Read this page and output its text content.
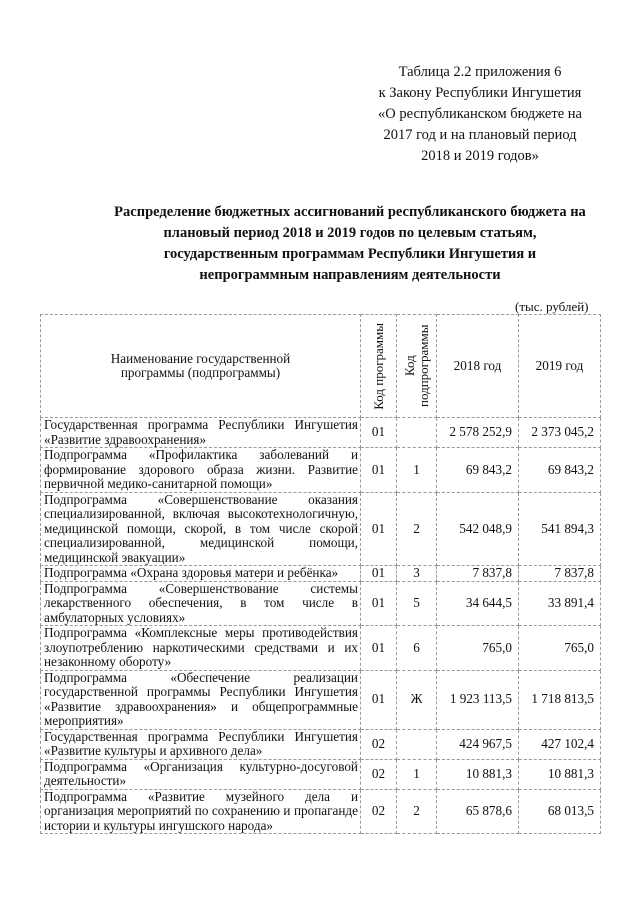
Таблица 2.2 приложения 6
к Закону Республики Ингушетия
«О республиканском бюджете на
2017 год и на плановый период
2018 и 2019 годов»
Распределение бюджетных ассигнований республиканского бюджета на
плановый период 2018 и 2019 годов по целевым статьям,
государственным программам Республики Ингушетия и
непрограммным направлениям деятельности
(тыс. рублей)
Наименование государственной программы (подпрограммы)	Код программы	Код подпрограммы	2018 год	2019 год
Государственная программа Республики Ингушетия «Развитие здравоохранения»	01		2 578 252,9	2 373 045,2
Подпрограмма «Профилактика заболеваний и формирование здорового образа жизни. Развитие первичной медико-санитарной помощи»	01	1	69 843,2	69 843,2
Подпрограмма «Совершенствование оказания специализированной, включая высокотехнологичную, медицинской помощи, скорой, в том числе скорой специализированной, медицинской помощи, медицинской эвакуации»	01	2	542 048,9	541 894,3
Подпрограмма «Охрана здоровья матери и ребёнка»	01	3	7 837,8	7 837,8
Подпрограмма «Совершенствование системы лекарственного обеспечения, в том числе в амбулаторных условиях»	01	5	34 644,5	33 891,4
Подпрограмма «Комплексные меры противодействия злоупотреблению наркотическими средствами и их незаконному обороту»	01	6	765,0	765,0
Подпрограмма «Обеспечение реализации государственной программы Республики Ингушетия «Развитие здравоохранения» и общепрограммные мероприятия»	01	Ж	1 923 113,5	1 718 813,5
Государственная программа Республики Ингушетия «Развитие культуры и архивного дела»	02		424 967,5	427 102,4
Подпрограмма «Организация культурно-досуговой деятельности»	02	1	10 881,3	10 881,3
Подпрограмма «Развитие музейного дела и организация мероприятий по сохранению и пропаганде истории и культуры ингушского народа»	02	2	65 878,6	68 013,5
